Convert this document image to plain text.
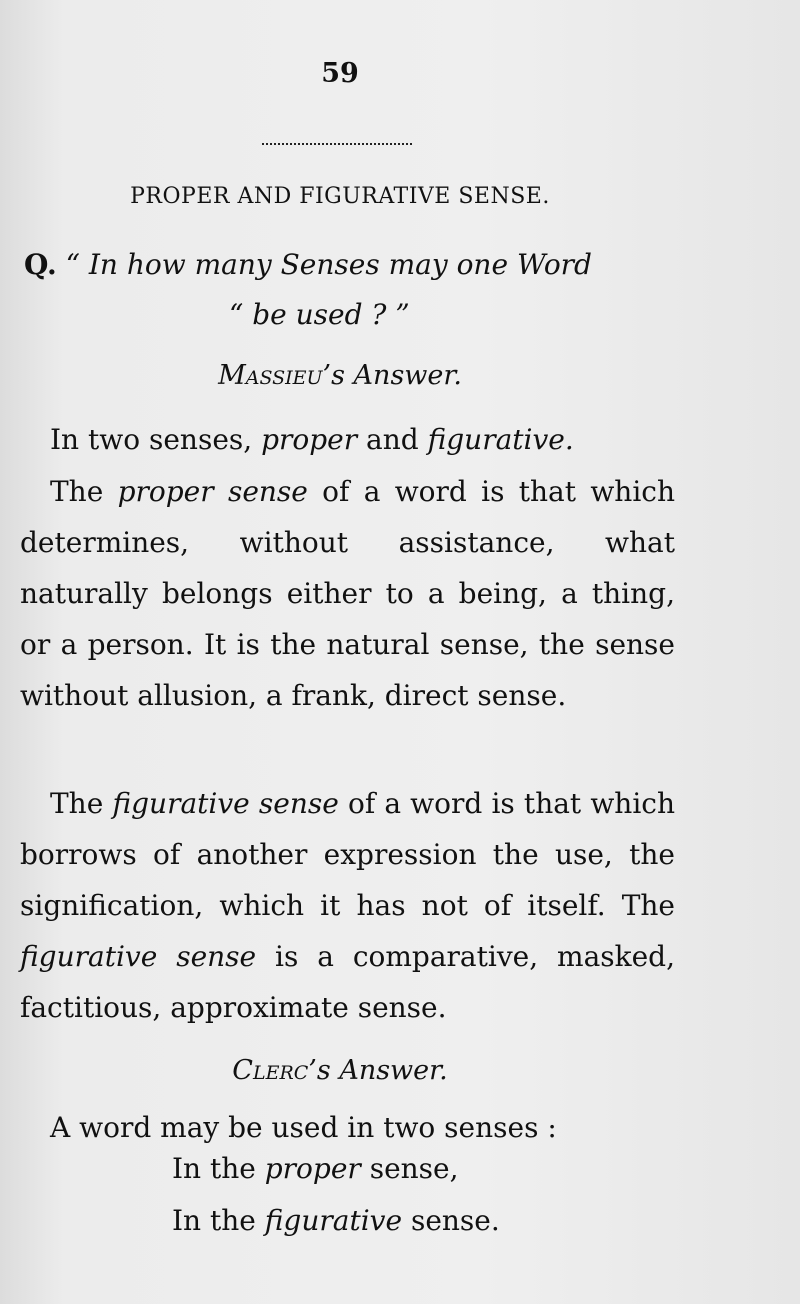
59
PROPER AND FIGURATIVE SENSE.
Q. “ In how many Senses may one Word
“ be used ? ”
Massieu’s Answer.

In two senses, proper and figurative.

The proper sense of a word is that which determines, without assistance, what naturally belongs either to a being, a thing, or a person. It is the natural sense, the sense without allusion, a frank, direct sense.

The figurative sense of a word is that which borrows of another expression the use, the signification, which it has not of itself. The figurative sense is a comparative, masked, factitious, approximate sense.

Clerc’s Answer.

A word may be used in two senses :

In the proper sense,
In the figurative sense.
